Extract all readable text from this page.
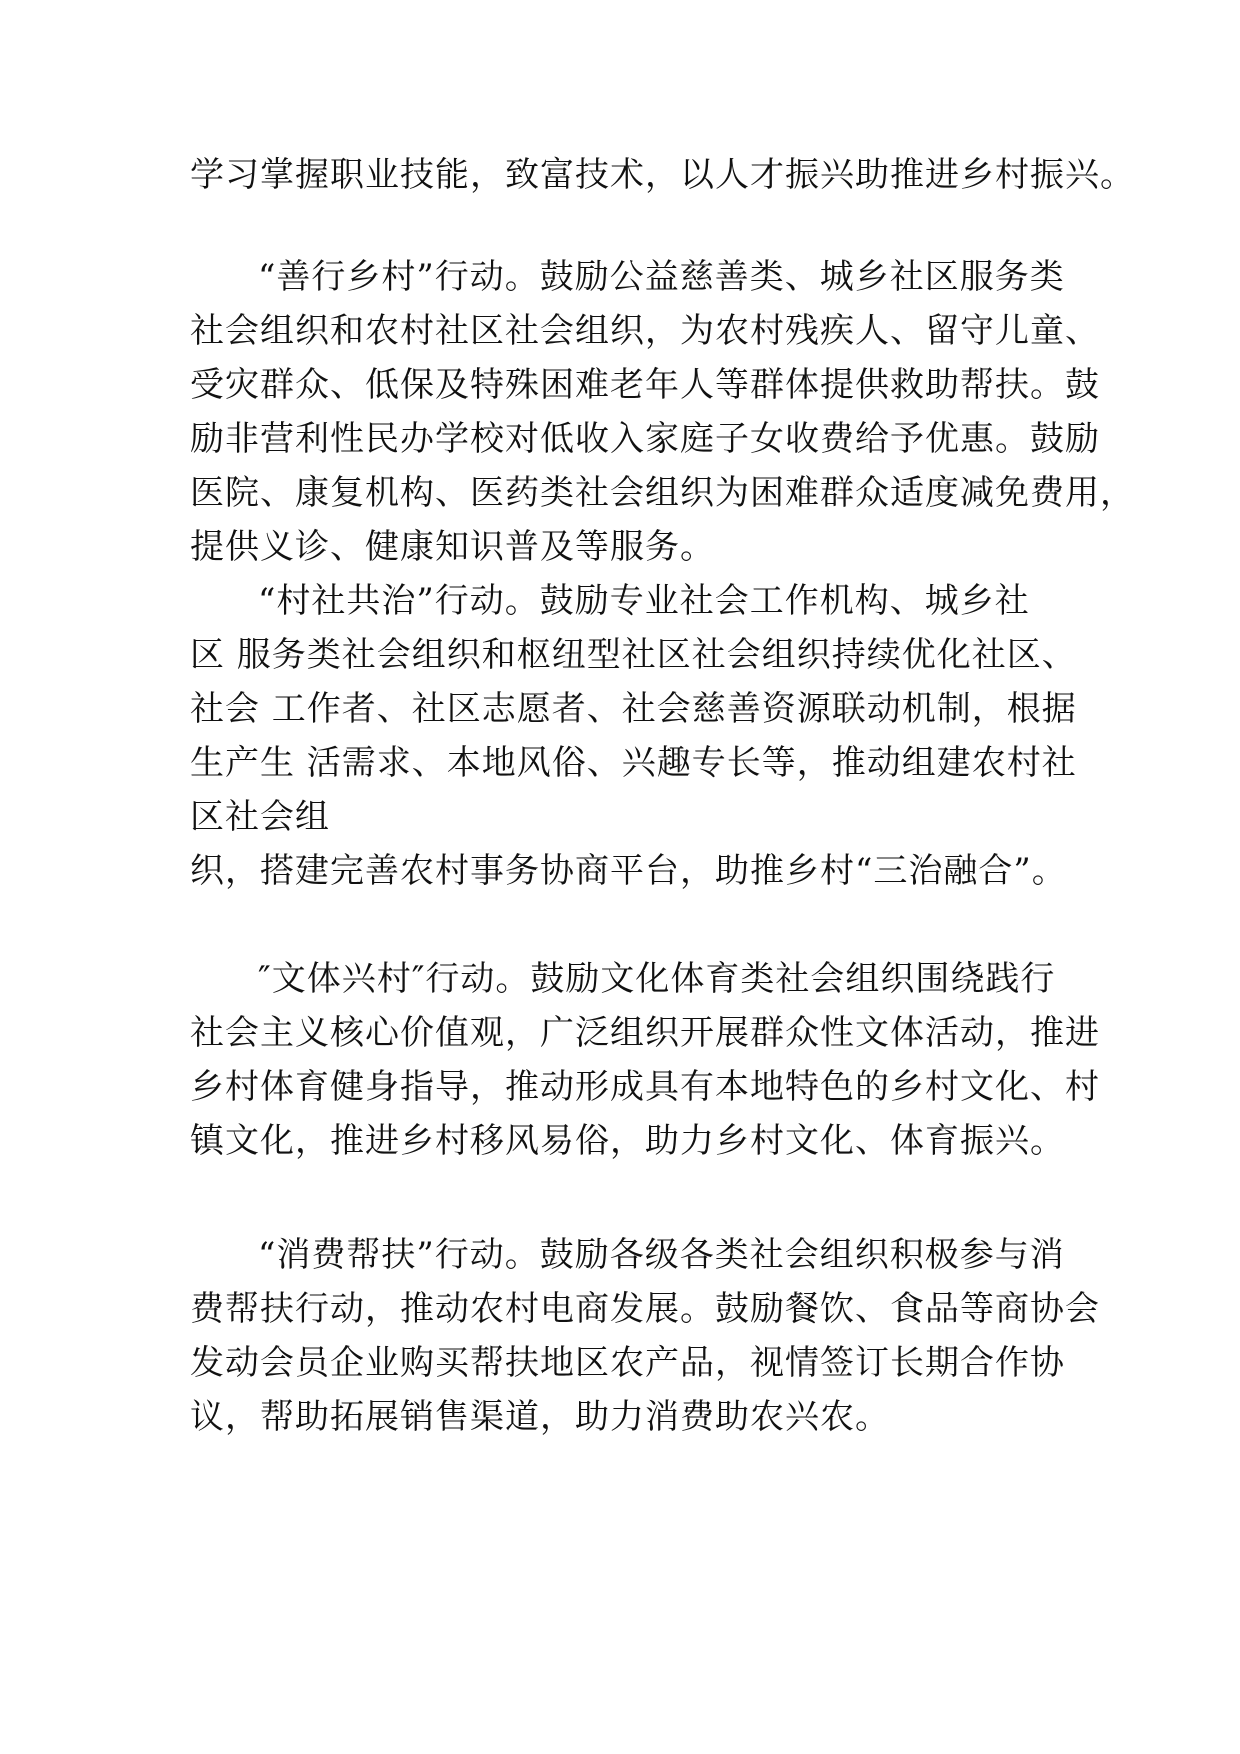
学习掌握职业技能，致富技术，以人才振兴助推进乡村振兴。

“善行乡村”行动。鼓励公益慈善类、城乡社区服务类
社会组织和农村社区社会组织，为农村残疾人、留守儿童、
受灾群众、低保及特殊困难老年人等群体提供救助帮扶。鼓
励非营利性民办学校对低收入家庭子女收费给予优惠。鼓励
医院、康复机构、医药类社会组织为困难群众适度减免费用，
提供义诊、健康知识普及等服务。

“村社共治”行动。鼓励专业社会工作机构、城乡社
区 服务类社会组织和枢纽型社区社会组织持续优化社区、
社会 工作者、社区志愿者、社会慈善资源联动机制，根据
生产生 活需求、本地风俗、兴趣专长等，推动组建农村社
区社会组
织，搭建完善农村事务协商平台，助推乡村“三治融合”。

″文体兴村″行动。鼓励文化体育类社会组织围绕践行
社会主义核心价值观，广泛组织开展群众性文体活动，推进
乡村体育健身指导，推动形成具有本地特色的乡村文化、村
镇文化，推进乡村移风易俗，助力乡村文化、体育振兴。

“消费帮扶”行动。鼓励各级各类社会组织积极参与消
费帮扶行动，推动农村电商发展。鼓励餐饮、食品等商协会
发动会员企业购买帮扶地区农产品，视情签订长期合作协
议，帮助拓展销售渠道，助力消费助农兴农。
